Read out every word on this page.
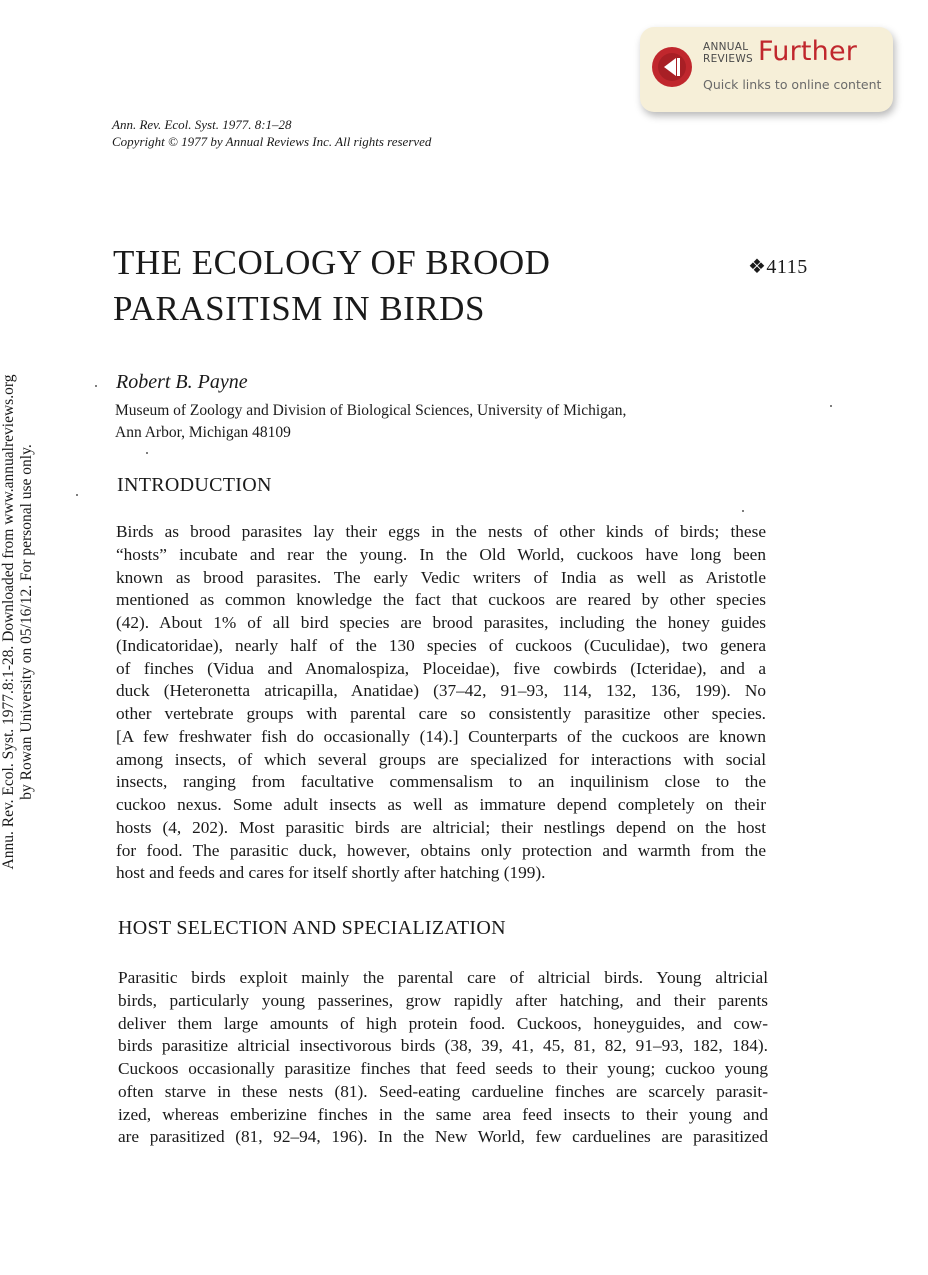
ANNUAL
REVIEWS Further
Quick links to online content
Ann. Rev. Ecol. Syst. 1977. 8:1–28
Copyright © 1977 by Annual Reviews Inc. All rights reserved
THE ECOLOGY OF BROOD
PARASITISM IN BIRDS
❖4115
Robert B. Payne
Museum of Zoology and Division of Biological Sciences, University of Michigan,
Ann Arbor, Michigan 48109
INTRODUCTION
HOST SELECTION AND SPECIALIZATION
Birds as brood parasites lay their eggs in the nests of other kinds of birds; these
“hosts” incubate and rear the young. In the Old World, cuckoos have long been
known as brood parasites. The early Vedic writers of India as well as Aristotle
mentioned as common knowledge the fact that cuckoos are reared by other species
(42). About 1% of all bird species are brood parasites, including the honey guides
(Indicatoridae), nearly half of the 130 species of cuckoos (Cuculidae), two genera
of finches (Vidua and Anomalospiza, Ploceidae), five cowbirds (Icteridae), and a
duck (Heteronetta atricapilla, Anatidae) (37–42, 91–93, 114, 132, 136, 199). No
other vertebrate groups with parental care so consistently parasitize other species.
[A few freshwater fish do occasionally (14).] Counterparts of the cuckoos are known
among insects, of which several groups are specialized for interactions with social
insects, ranging from facultative commensalism to an inquilinism close to the
cuckoo nexus. Some adult insects as well as immature depend completely on their
hosts (4, 202). Most parasitic birds are altricial; their nestlings depend on the host
for food. The parasitic duck, however, obtains only protection and warmth from the
host and feeds and cares for itself shortly after hatching (199).
Parasitic birds exploit mainly the parental care of altricial birds. Young altricial
birds, particularly young passerines, grow rapidly after hatching, and their parents
deliver them large amounts of high protein food. Cuckoos, honeyguides, and cow-
birds parasitize altricial insectivorous birds (38, 39, 41, 45, 81, 82, 91–93, 182, 184).
Cuckoos occasionally parasitize finches that feed seeds to their young; cuckoo young
often starve in these nests (81). Seed-eating cardueline finches are scarcely parasit-
ized, whereas emberizine finches in the same area feed insects to their young and
are parasitized (81, 92–94, 196). In the New World, few carduelines are parasitized
Annu. Rev. Ecol. Syst. 1977.8:1-28. Downloaded from www.annualreviews.org by Rowan University on 05/16/12. For personal use only.
